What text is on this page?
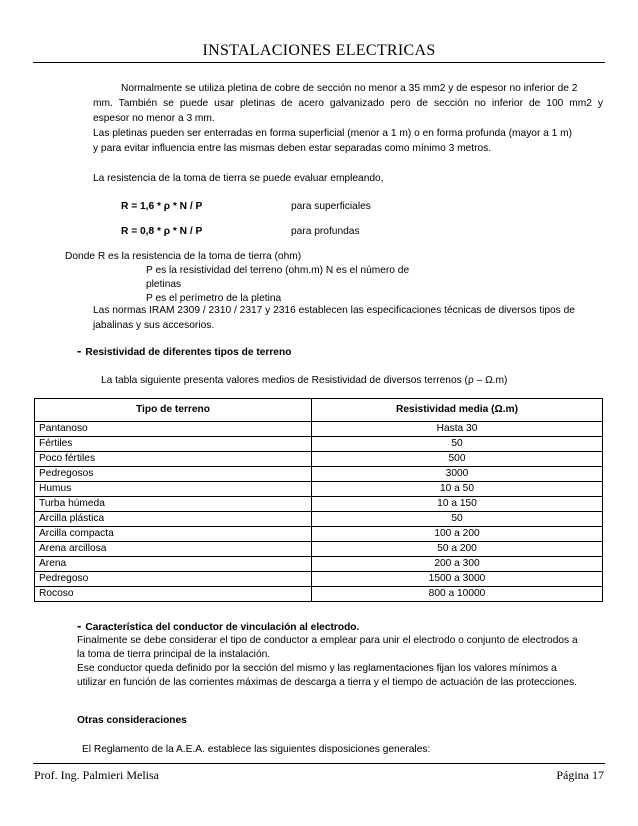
INSTALACIONES ELECTRICAS
Normalmente se utiliza pletina de cobre de sección no menor a 35 mm2 y de espesor no inferior de 2
mm. También se puede usar pletinas de acero galvanizado pero de sección no inferior de 100 mm2 y
espesor no menor a 3 mm.
Las pletinas pueden ser enterradas en forma superficial (menor a 1 m) o en forma profunda (mayor a 1 m)
y para evitar influencia entre las mismas deben estar separadas como mínimo 3 metros.
La resistencia de la toma de tierra se puede evaluar empleando,
R = 1,6 * ρ * N / P	para superficiales
R = 0,8 * ρ * N / P	para profundas
Donde R es la resistencia de la toma de tierra (ohm)
P es la resistividad del terreno (ohm.m) N es el número de
pletinas
P es el perímetro de la pletina
Las normas IRAM 2309 / 2310 / 2317 y 2316 establecen las especificaciones técnicas de diversos tipos de
jabalinas y sus accesorios.
- Resistividad de diferentes tipos de terreno
La tabla siguiente presenta valores medios de Resistividad de diversos terrenos (ρ – Ω.m)
Tipo de terreno	Resistividad media (Ω.m)
Pantanoso	Hasta 30
Fértiles	50
Poco fértiles	500
Pedregosos	3000
Humus	10 a 50
Turba húmeda	10 a 150
Arcilla plástica	50
Arcilla compacta	100 a 200
Arena arcillosa	50 a 200
Arena	200 a 300
Pedregoso	1500 a 3000
Rocoso	800 a 10000
- Característica del conductor de vinculación al electrodo.
Finalmente se debe considerar el tipo de conductor a emplear para unir el electrodo o conjunto de electrodos a
la toma de tierra principal de la instalación.
Ese conductor queda definido por la sección del mismo y las reglamentaciones fijan los valores mínimos a
utilizar en función de las corrientes máximas de descarga a tierra y el tiempo de actuación de las protecciones.
Otras consideraciones
El Reglamento de la A.E.A. establece las siguientes disposiciones generales:
Prof. Ing. Palmieri Melisa	Página 17
